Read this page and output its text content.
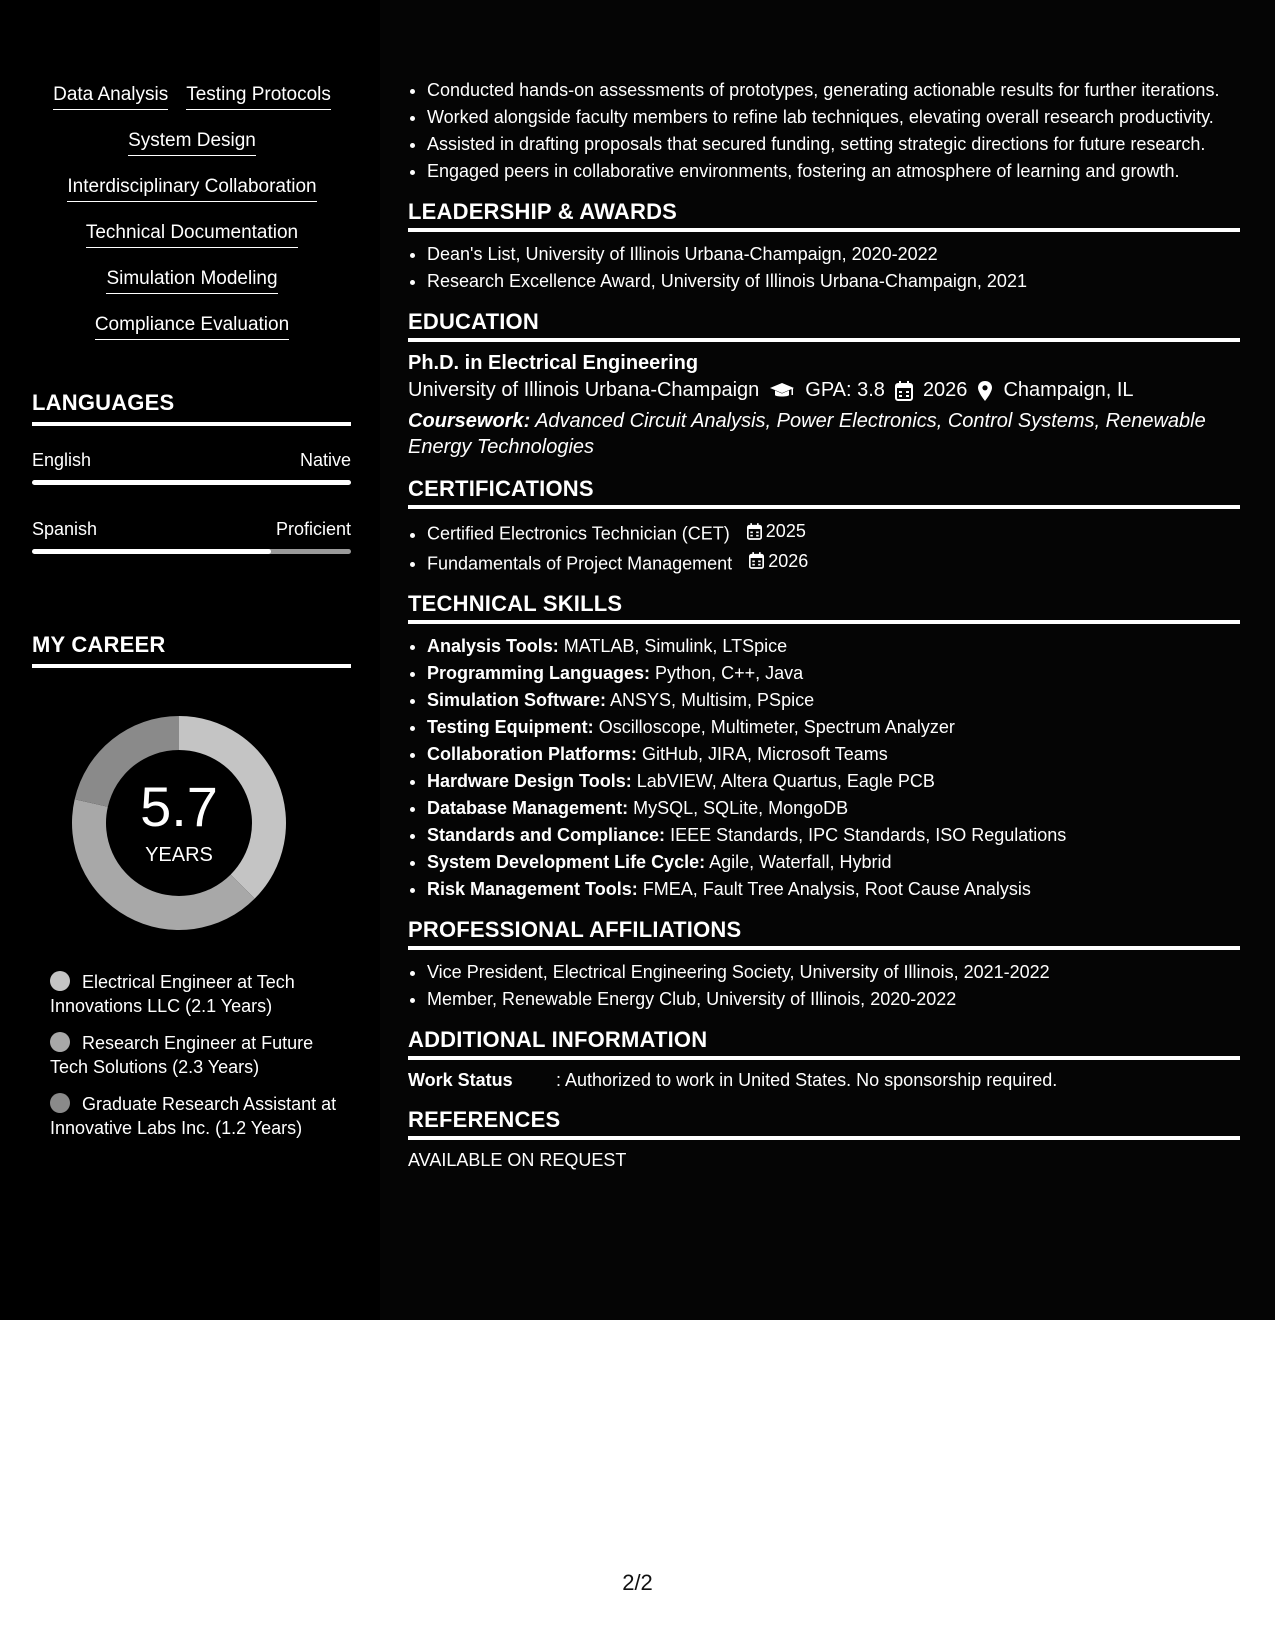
Data Analysis Testing Protocols
System Design
Interdisciplinary Collaboration
Technical Documentation
Simulation Modeling
Compliance Evaluation
LANGUAGES
English	Native
Spanish	Proficient
MY CAREER
5.7
YEARS
Electrical Engineer at Tech Innovations LLC (2.1 Years)
Research Engineer at Future Tech Solutions (2.3 Years)
Graduate Research Assistant at Innovative Labs Inc. (1.2 Years)
• Conducted hands-on assessments of prototypes, generating actionable results for further iterations.
• Worked alongside faculty members to refine lab techniques, elevating overall research productivity.
• Assisted in drafting proposals that secured funding, setting strategic directions for future research.
• Engaged peers in collaborative environments, fostering an atmosphere of learning and growth.
LEADERSHIP & AWARDS
• Dean's List, University of Illinois Urbana-Champaign, 2020-2022
• Research Excellence Award, University of Illinois Urbana-Champaign, 2021
EDUCATION
Ph.D. in Electrical Engineering
University of Illinois Urbana-Champaign GPA: 3.8 2026 Champaign, IL
Coursework: Advanced Circuit Analysis, Power Electronics, Control Systems, Renewable Energy Technologies
CERTIFICATIONS
• Certified Electronics Technician (CET) 2025
• Fundamentals of Project Management 2026
TECHNICAL SKILLS
• Analysis Tools: MATLAB, Simulink, LTSpice
• Programming Languages: Python, C++, Java
• Simulation Software: ANSYS, Multisim, PSpice
• Testing Equipment: Oscilloscope, Multimeter, Spectrum Analyzer
• Collaboration Platforms: GitHub, JIRA, Microsoft Teams
• Hardware Design Tools: LabVIEW, Altera Quartus, Eagle PCB
• Database Management: MySQL, SQLite, MongoDB
• Standards and Compliance: IEEE Standards, IPC Standards, ISO Regulations
• System Development Life Cycle: Agile, Waterfall, Hybrid
• Risk Management Tools: FMEA, Fault Tree Analysis, Root Cause Analysis
PROFESSIONAL AFFILIATIONS
• Vice President, Electrical Engineering Society, University of Illinois, 2021-2022
• Member, Renewable Energy Club, University of Illinois, 2020-2022
ADDITIONAL INFORMATION
Work Status	: Authorized to work in United States. No sponsorship required.
REFERENCES
AVAILABLE ON REQUEST
2/2
